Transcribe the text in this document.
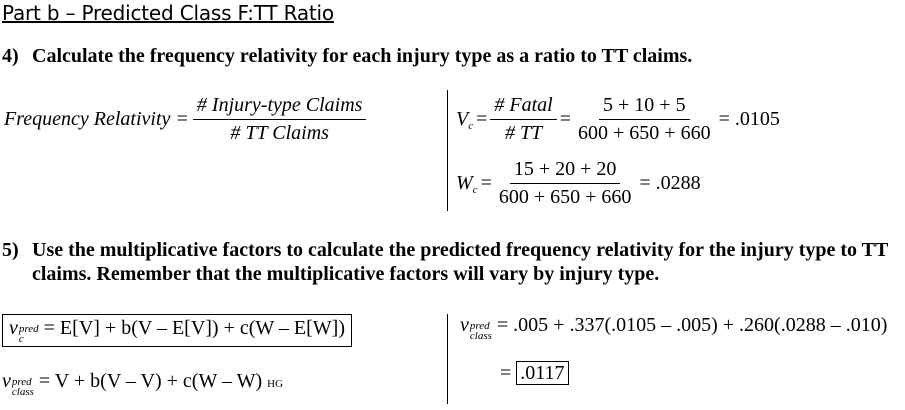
Part b – Predicted Class F:TT Ratio
4) Calculate the frequency relativity for each injury type as a ratio to TT claims.
Frequency Relativity = $\frac{\text{\# Injury-type Claims}}{\text{\# TT Claims}}$	$V_c = \frac{\text{\# Fatal}}{\# TT} = \frac{5 + 10 + 5}{600 + 650 + 660} = .0105$
$W_c = \frac{15 + 20 + 20}{600 + 650 + 660} = .0288$
5) Use the multiplicative factors to calculate the predicted frequency relativity for the injury type to TT
claims. Remember that the multiplicative factors will vary by injury type.
v pred
c = E[V] + b(V – E[V]) + c(W – E[W])
v pred
class = V + b(V – V) + c(W – W) HG
v pred
class = .005 + .337(.0105 – .005) + .260(.0288 – .010)
= .0117
